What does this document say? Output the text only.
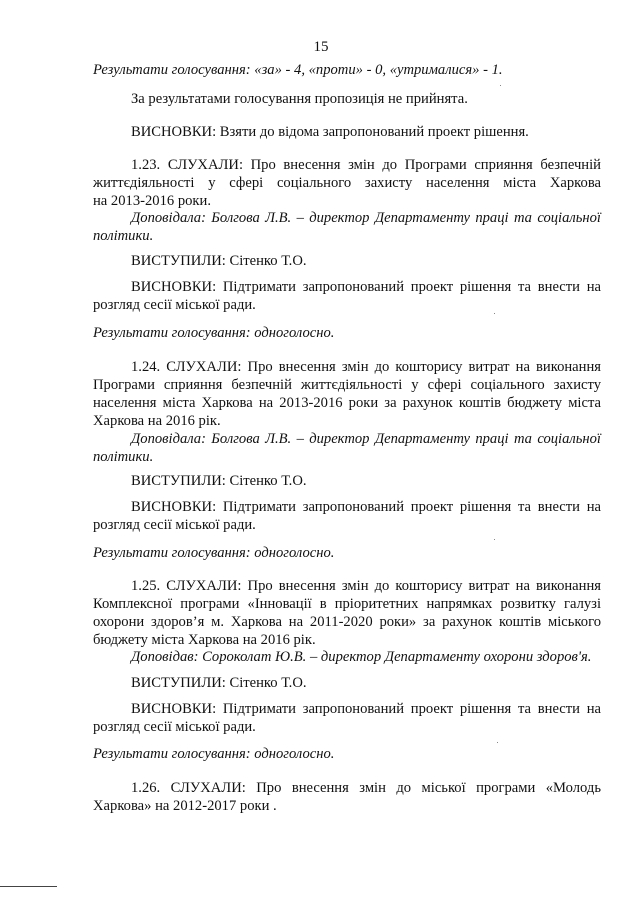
15
Результати голосування: «за» - 4, «проти» - 0, «утрималися» - 1.
За результатами голосування пропозиція не прийнята.
ВИСНОВКИ: Взяти до відома запропонований проект рішення.
1.23. СЛУХАЛИ: Про внесення змін до Програми сприяння безпечній
життєдіяльності у сфері соціального захисту населення міста Харкова
на 2013-2016 роки.
Доповідала: Болгова Л.В. – директор Департаменту праці та соціальної
політики.
ВИСТУПИЛИ: Сітенко Т.О.
ВИСНОВКИ: Підтримати запропонований проект рішення та внести на
розгляд сесії міської ради.
Результати голосування: одноголосно.
1.24. СЛУХАЛИ: Про внесення змін до кошторису витрат на виконання
Програми сприяння безпечній життєдіяльності у сфері соціального захисту
населення міста Харкова на 2013-2016 роки за рахунок коштів бюджету міста
Харкова на 2016 рік.
Доповідала: Болгова Л.В. – директор Департаменту праці та соціальної
політики.
ВИСТУПИЛИ: Сітенко Т.О.
ВИСНОВКИ: Підтримати запропонований проект рішення та внести на
розгляд сесії міської ради.
Результати голосування: одноголосно.
1.25. СЛУХАЛИ: Про внесення змін до кошторису витрат на виконання
Комплексної програми «Інновації в пріоритетних напрямках розвитку галузі
охорони здоров’я м. Харкова на 2011-2020 роки» за рахунок коштів міського
бюджету міста Харкова на 2016 рік.
Доповідав: Сороколат Ю.В. – директор Департаменту охорони здоров'я.
ВИСТУПИЛИ: Сітенко Т.О.
ВИСНОВКИ: Підтримати запропонований проект рішення та внести на
розгляд сесії міської ради.
Результати голосування: одноголосно.
1.26. СЛУХАЛИ: Про внесення змін до міської програми «Молодь
Харкова» на 2012-2017 роки .
